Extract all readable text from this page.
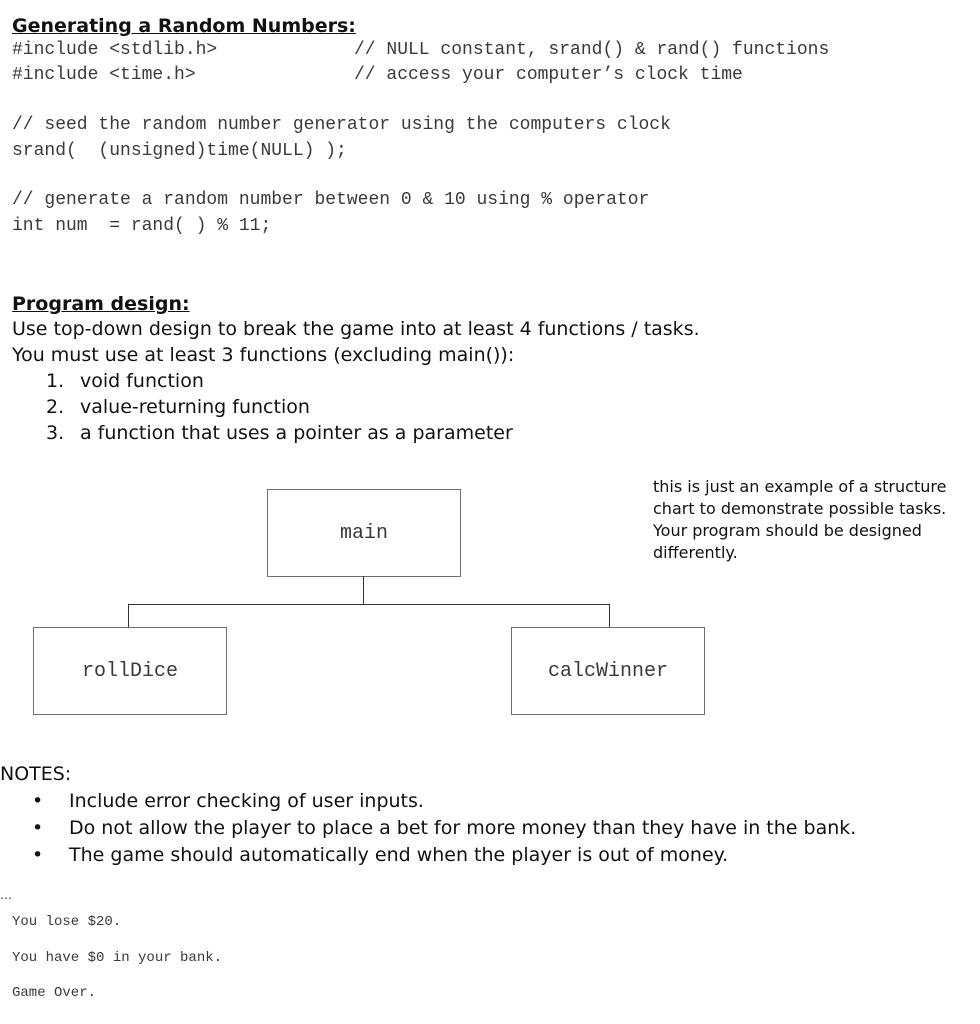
Generating a Random Numbers:
#include <stdlib.h>	// NULL constant, srand() & rand() functions
#include <time.h>	// access your computer’s clock time
// seed the random number generator using the computers clock
srand(  (unsigned)time(NULL) );
// generate a random number between 0 & 10 using % operator
int num  = rand( ) % 11;
Program design:
Use top-down design to break the game into at least 4 functions / tasks.
You must use at least 3 functions (excluding main()):
1. void function
2. value-returning function
3. a function that uses a pointer as a parameter
main
rollDice	calcWinner
this is just an example of a structure
chart to demonstrate possible tasks.
Your program should be designed
differently.
NOTES:
• Include error checking of user inputs.
• Do not allow the player to place a bet for more money than they have in the bank.
• The game should automatically end when the player is out of money.
…
You lose $20.
You have $0 in your bank.
Game Over.
